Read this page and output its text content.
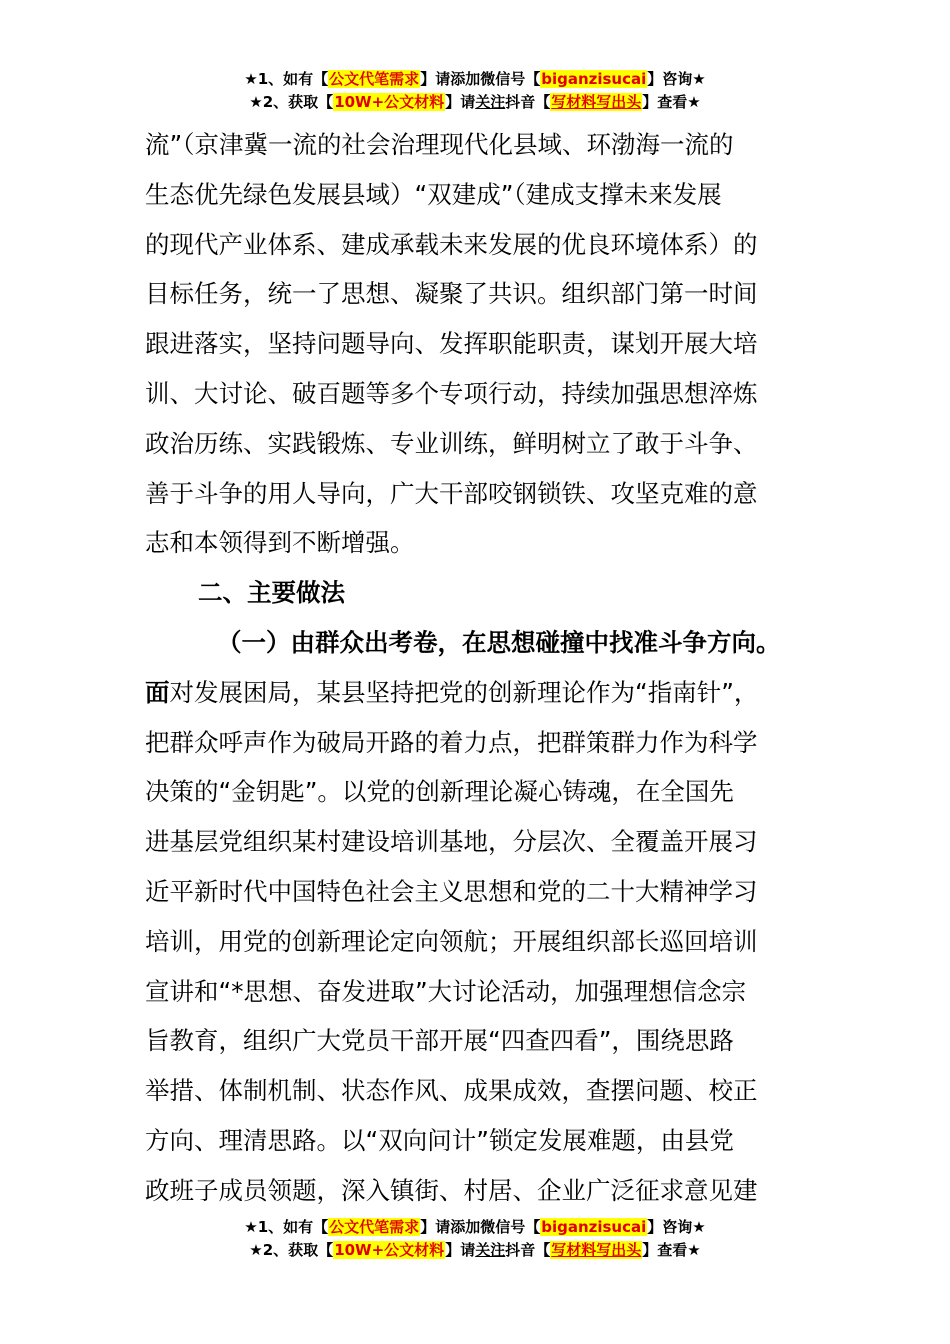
★1、如有【公文代笔需求】请添加微信号【biganzisucai】咨询★
★2、获取【10W+公文材料】请关注抖音【写材料写出头】查看★
流”（京津冀一流的社会治理现代化县域、环渤海一流的
生态优先绿色发展县域）“双建成”（建成支撑未来发展
的现代产业体系、建成承载未来发展的优良环境体系）的
目标任务，统一了思想、凝聚了共识。组织部门第一时间
跟进落实，坚持问题导向、发挥职能职责，谋划开展大培
训、大讨论、破百题等多个专项行动，持续加强思想淬炼
政治历练、实践锻炼、专业训练，鲜明树立了敢于斗争、
善于斗争的用人导向，广大干部咬钢锁铁、攻坚克难的意
志和本领得到不断增强。
二、主要做法
（一）由群众出考卷，在思想碰撞中找准斗争方向。
面对发展困局，某县坚持把党的创新理论作为“指南针”，
把群众呼声作为破局开路的着力点，把群策群力作为科学
决策的“金钥匙”。以党的创新理论凝心铸魂，在全国先
进基层党组织某村建设培训基地，分层次、全覆盖开展习
近平新时代中国特色社会主义思想和党的二十大精神学习
培训，用党的创新理论定向领航；开展组织部长巡回培训
宣讲和“*思想、奋发进取”大讨论活动，加强理想信念宗
旨教育，组织广大党员干部开展“四查四看”，围绕思路
举措、体制机制、状态作风、成果成效，查摆问题、校正
方向、理清思路。以“双向问计”锁定发展难题，由县党
政班子成员领题，深入镇街、村居、企业广泛征求意见建
★1、如有【公文代笔需求】请添加微信号【biganzisucai】咨询★
★2、获取【10W+公文材料】请关注抖音【写材料写出头】查看★
